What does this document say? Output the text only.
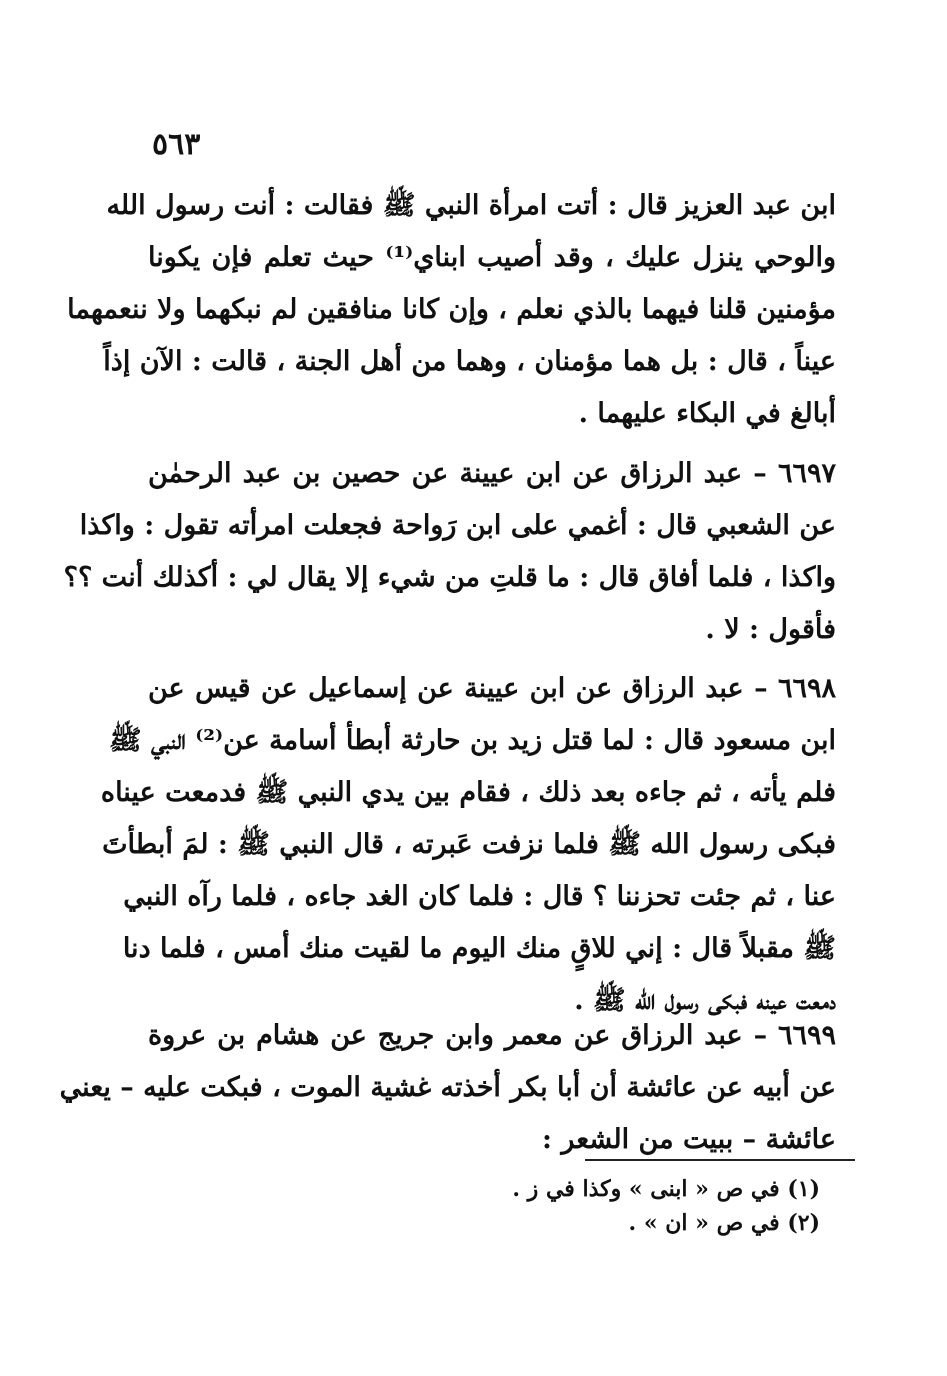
٥٦٣
ابن عبد العزيز قال : أتت امرأة النبي ﷺ فقالت : أنت رسول الله
والوحي ينزل عليك ، وقد أصيب ابناي⁽¹⁾ حيث تعلم فإن يكونا
مؤمنين قلنا فيهما بالذي نعلم ، وإن كانا منافقين لم نبكهما ولا ننعمهما
عيناً ، قال : بل هما مؤمنان ، وهما من أهل الجنة ، قالت : الآن إذاً
أبالغ في البكاء عليهما .
٦٦٩٧ – عبد الرزاق عن ابن عيينة عن حصين بن عبد الرحمٰن
عن الشعبي قال : أغمي على ابن رَواحة فجعلت امرأته تقول : واكذا
واكذا ، فلما أفاق قال : ما قلتِ من شيء إلا يقال لي : أكذلك أنت ؟؟
فأقول : لا .
٦٦٩٨ – عبد الرزاق عن ابن عيينة عن إسماعيل عن قيس عن
ابن مسعود قال : لما قتل زيد بن حارثة أبطأ أسامة عن⁽²⁾ النبي ﷺ
فلم يأته ، ثم جاءه بعد ذلك ، فقام بين يدي النبي ﷺ فدمعت عيناه
فبكى رسول الله ﷺ فلما نزفت عَبرته ، قال النبي ﷺ : لمَ أبطأتَ
عنا ، ثم جئت تحزننا ؟ قال : فلما كان الغد جاءه ، فلما رآه النبي
ﷺ مقبلاً قال : إني للاقٍ منك اليوم ما لقيت منك أمس ، فلما دنا
دمعت عينه فبكى رسول الله ﷺ .
٦٦٩٩ – عبد الرزاق عن معمر وابن جريج عن هشام بن عروة
عن أبيه عن عائشة أن أبا بكر أخذته غشية الموت ، فبكت عليه – يعني
عائشة – ببيت من الشعر :
(١) في ص « ابنى » وكذا في ز .
(٢) في ص « ان » .
